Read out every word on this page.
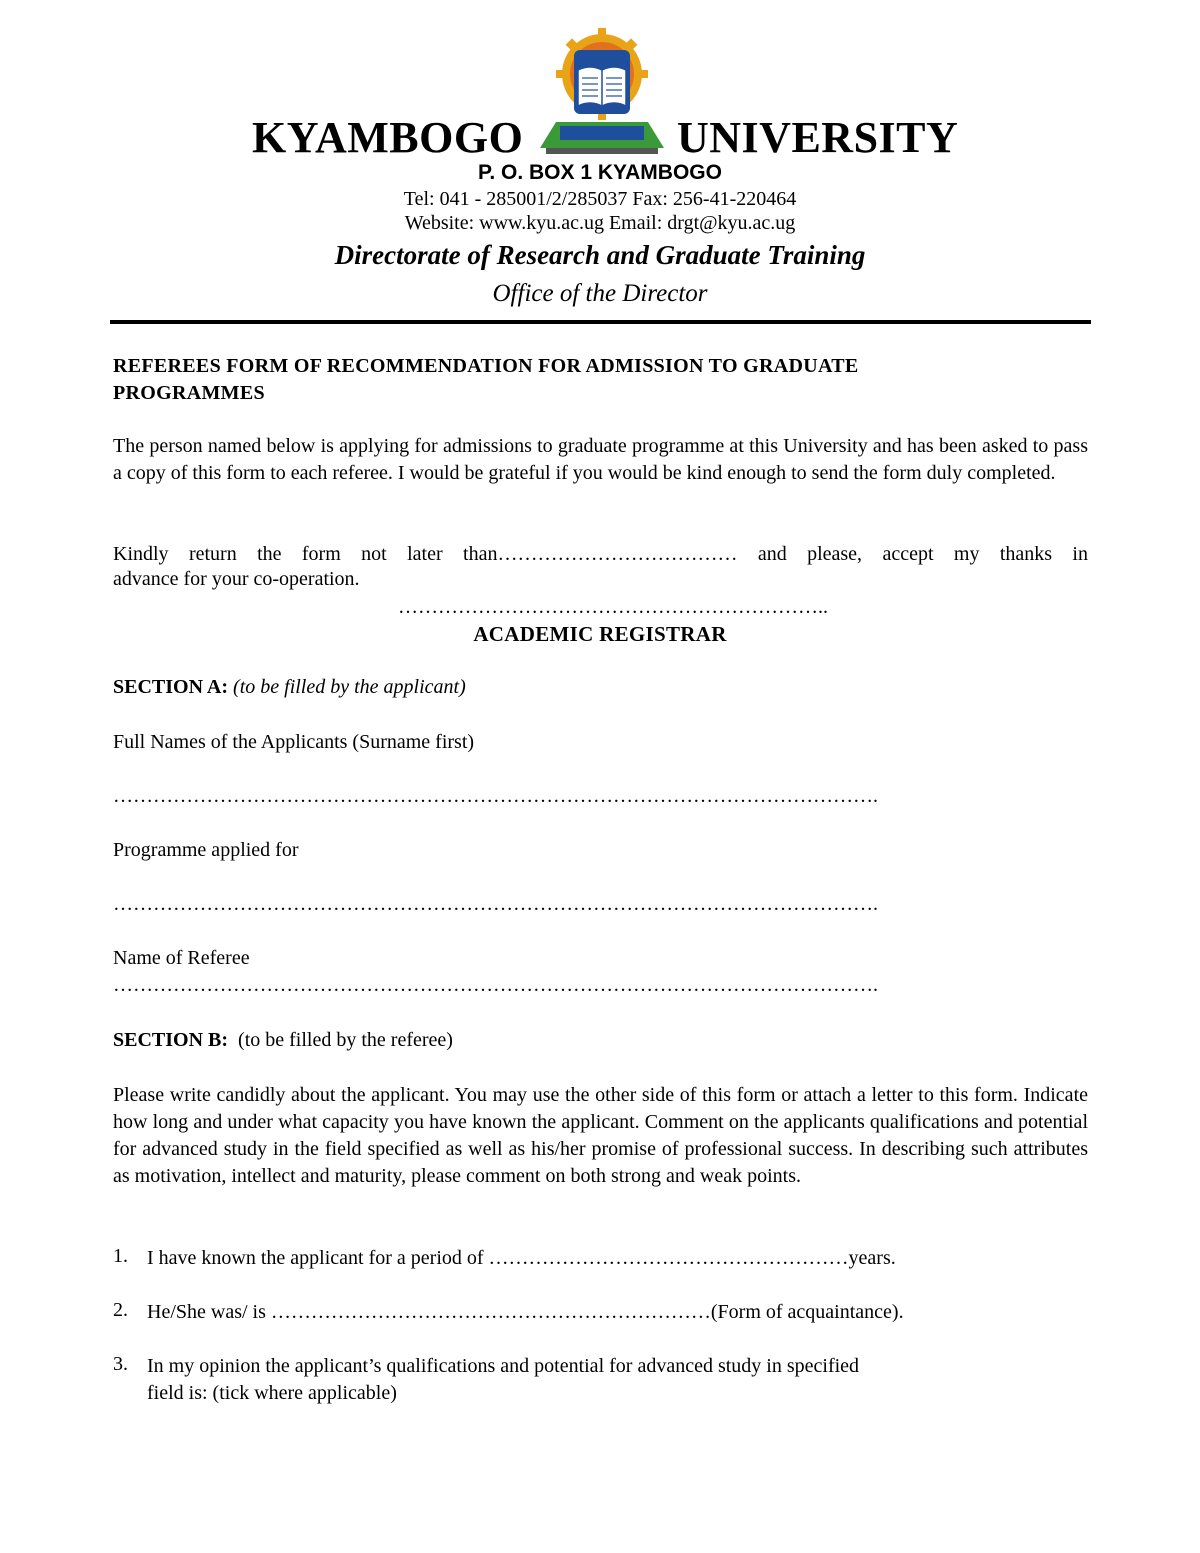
KYAMBOGO	UNIVERSITY
P. O. BOX 1 KYAMBOGO
Tel: 041 - 285001/2/285037 Fax: 256-41-220464
Website: www.kyu.ac.ug Email: drgt@kyu.ac.ug
Directorate of Research and Graduate Training
Office of the Director
REFEREES FORM OF RECOMMENDATION FOR ADMISSION TO GRADUATE
PROGRAMMES
The person named below is applying for admissions to graduate programme at this University and has been asked to pass a copy of this form to each referee. I would be grateful if you would be kind enough to send the form duly completed.
Kindly return the form not later than……………………………… and please, accept my thanks in
advance for your co-operation.
………………………………………………………..
ACADEMIC REGISTRAR
SECTION A: (to be filled by the applicant)
Full Names of the Applicants (Surname first)
…………………………………………………………………………………………………….
Programme applied for
…………………………………………………………………………………………………….
Name of Referee
…………………………………………………………………………………………………….
SECTION B: (to be filled by the referee)
Please write candidly about the applicant. You may use the other side of this form or attach a letter to this form. Indicate how long and under what capacity you have known the applicant. Comment on the applicants qualifications and potential for advanced study in the field specified as well as his/her promise of professional success. In describing such attributes as motivation, intellect and maturity, please comment on both strong and weak points.
1. I have known the applicant for a period of ………………………………………………years.
2. He/She was/ is …………………………………………………………(Form of acquaintance).
3. In my opinion the applicant’s qualifications and potential for advanced study in specified
field is: (tick where applicable)
